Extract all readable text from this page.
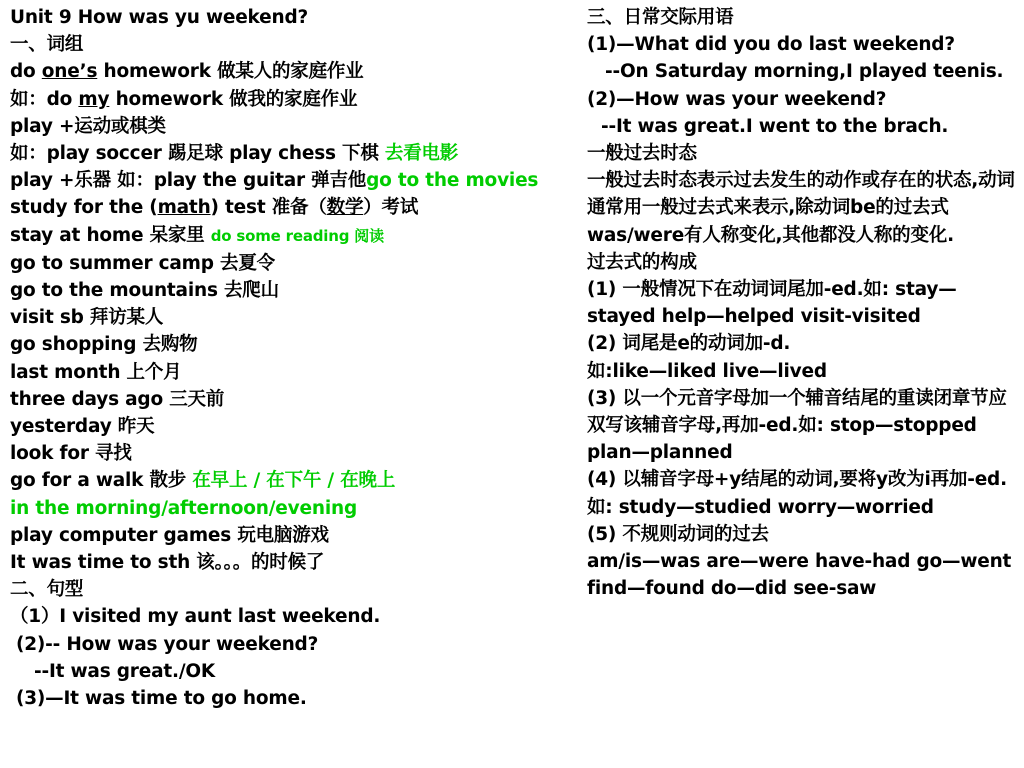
Unit 9 How was yu weekend?
一、词组
do one’s homework 做某人的家庭作业
如：do my homework 做我的家庭作业
play +运动或棋类
如：play soccer 踢足球 play chess 下棋 去看电影
play +乐器 如：play the guitar 弹吉他go to the movies
study for the (math) test 准备（数学）考试
stay at home 呆家里 do some reading 阅读
go to summer camp 去夏令
go to the mountains 去爬山
visit sb 拜访某人
go shopping 去购物
last month 上个月
three days ago 三天前
yesterday 昨天
look for 寻找
go for a walk 散步 在早上 / 在下午 / 在晚上
in the morning/afternoon/evening
play computer games 玩电脑游戏
It was time to sth 该。。。的时候了
二、句型
（1）I visited my aunt last weekend.
(2)-- How was your weekend?
--It was great./OK
(3)—It was time to go home.
三、日常交际用语
(1)—What did you do last weekend?
--On Saturday morning,I played teenis.
(2)—How was your weekend?
--It was great.I went to the brach.
一般过去时态
一般过去时态表示过去发生的动作或存在的状态,动词通常用一般过去式来表示,除动词be的过去式was/were有人称变化,其他都没人称的变化.
过去式的构成
(1) 一般情况下在动词词尾加-ed.如: stay—stayed help—helped visit-visited
(2) 词尾是e的动词加-d.
如:like—liked live—lived
(3) 以一个元音字母加一个辅音结尾的重读闭章节应双写该辅音字母,再加-ed.如: stop—stopped plan—planned
(4) 以辅音字母+y结尾的动词,要将y改为i再加-ed.如: study—studied worry—worried
(5) 不规则动词的过去
am/is—was are—were have-had go—went find—found do—did see-saw
